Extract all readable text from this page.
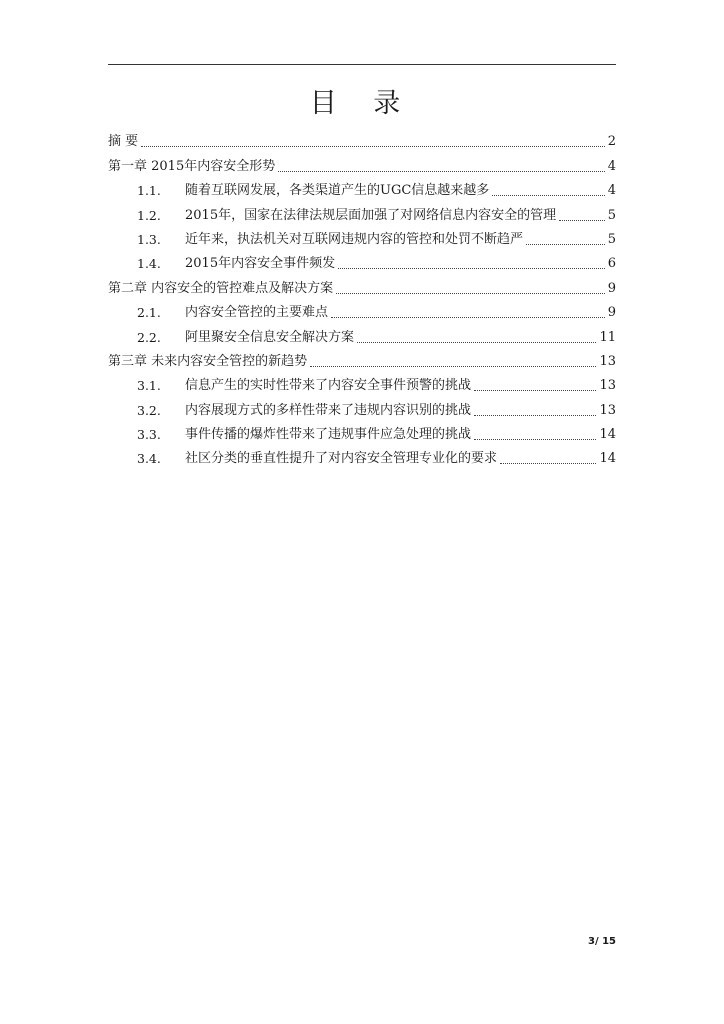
目 录
摘 要	2
第一章 2015年内容安全形势	4
1.1.	随着互联网发展，各类渠道产生的UGC信息越来越多	4
1.2.	2015年，国家在法律法规层面加强了对网络信息内容安全的管理	5
1.3.	近年来，执法机关对互联网违规内容的管控和处罚不断趋严	5
1.4.	2015年内容安全事件频发	6
第二章 内容安全的管控难点及解决方案	9
2.1.	内容安全管控的主要难点	9
2.2.	阿里聚安全信息安全解决方案	11
第三章 未来内容安全管控的新趋势	13
3.1.	信息产生的实时性带来了内容安全事件预警的挑战	13
3.2.	内容展现方式的多样性带来了违规内容识别的挑战	13
3.3.	事件传播的爆炸性带来了违规事件应急处理的挑战	14
3.4.	社区分类的垂直性提升了对内容安全管理专业化的要求	14
3/ 15
